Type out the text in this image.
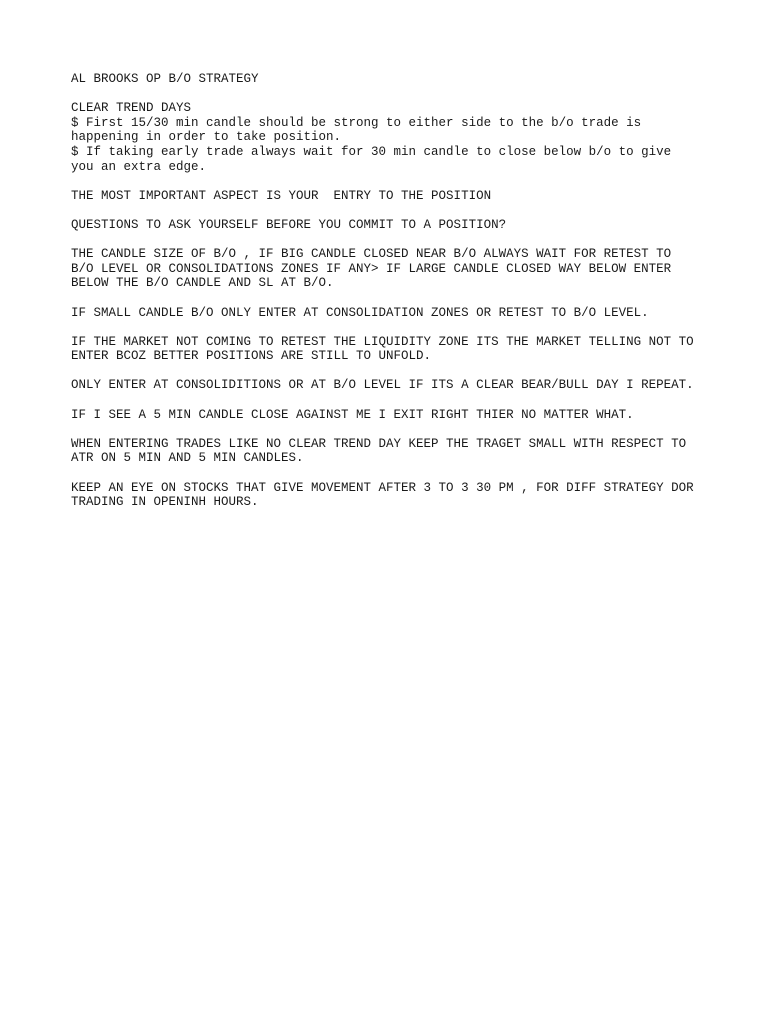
AL BROOKS OP B/O STRATEGY
CLEAR TREND DAYS
$ First 15/30 min candle should be strong to either side to the b/o trade is
happening in order to take position.
$ If taking early trade always wait for 30 min candle to close below b/o to give
you an extra edge.
THE MOST IMPORTANT ASPECT IS YOUR  ENTRY TO THE POSITION
QUESTIONS TO ASK YOURSELF BEFORE YOU COMMIT TO A POSITION?
THE CANDLE SIZE OF B/O , IF BIG CANDLE CLOSED NEAR B/O ALWAYS WAIT FOR RETEST TO
B/O LEVEL OR CONSOLIDATIONS ZONES IF ANY> IF LARGE CANDLE CLOSED WAY BELOW ENTER
BELOW THE B/O CANDLE AND SL AT B/O.
IF SMALL CANDLE B/O ONLY ENTER AT CONSOLIDATION ZONES OR RETEST TO B/O LEVEL.
IF THE MARKET NOT COMING TO RETEST THE LIQUIDITY ZONE ITS THE MARKET TELLING NOT TO
ENTER BCOZ BETTER POSITIONS ARE STILL TO UNFOLD.
ONLY ENTER AT CONSOLIDITIONS OR AT B/O LEVEL IF ITS A CLEAR BEAR/BULL DAY I REPEAT.
IF I SEE A 5 MIN CANDLE CLOSE AGAINST ME I EXIT RIGHT THIER NO MATTER WHAT.
WHEN ENTERING TRADES LIKE NO CLEAR TREND DAY KEEP THE TRAGET SMALL WITH RESPECT TO
ATR ON 5 MIN AND 5 MIN CANDLES.
KEEP AN EYE ON STOCKS THAT GIVE MOVEMENT AFTER 3 TO 3 30 PM , FOR DIFF STRATEGY DOR
TRADING IN OPENINH HOURS.
